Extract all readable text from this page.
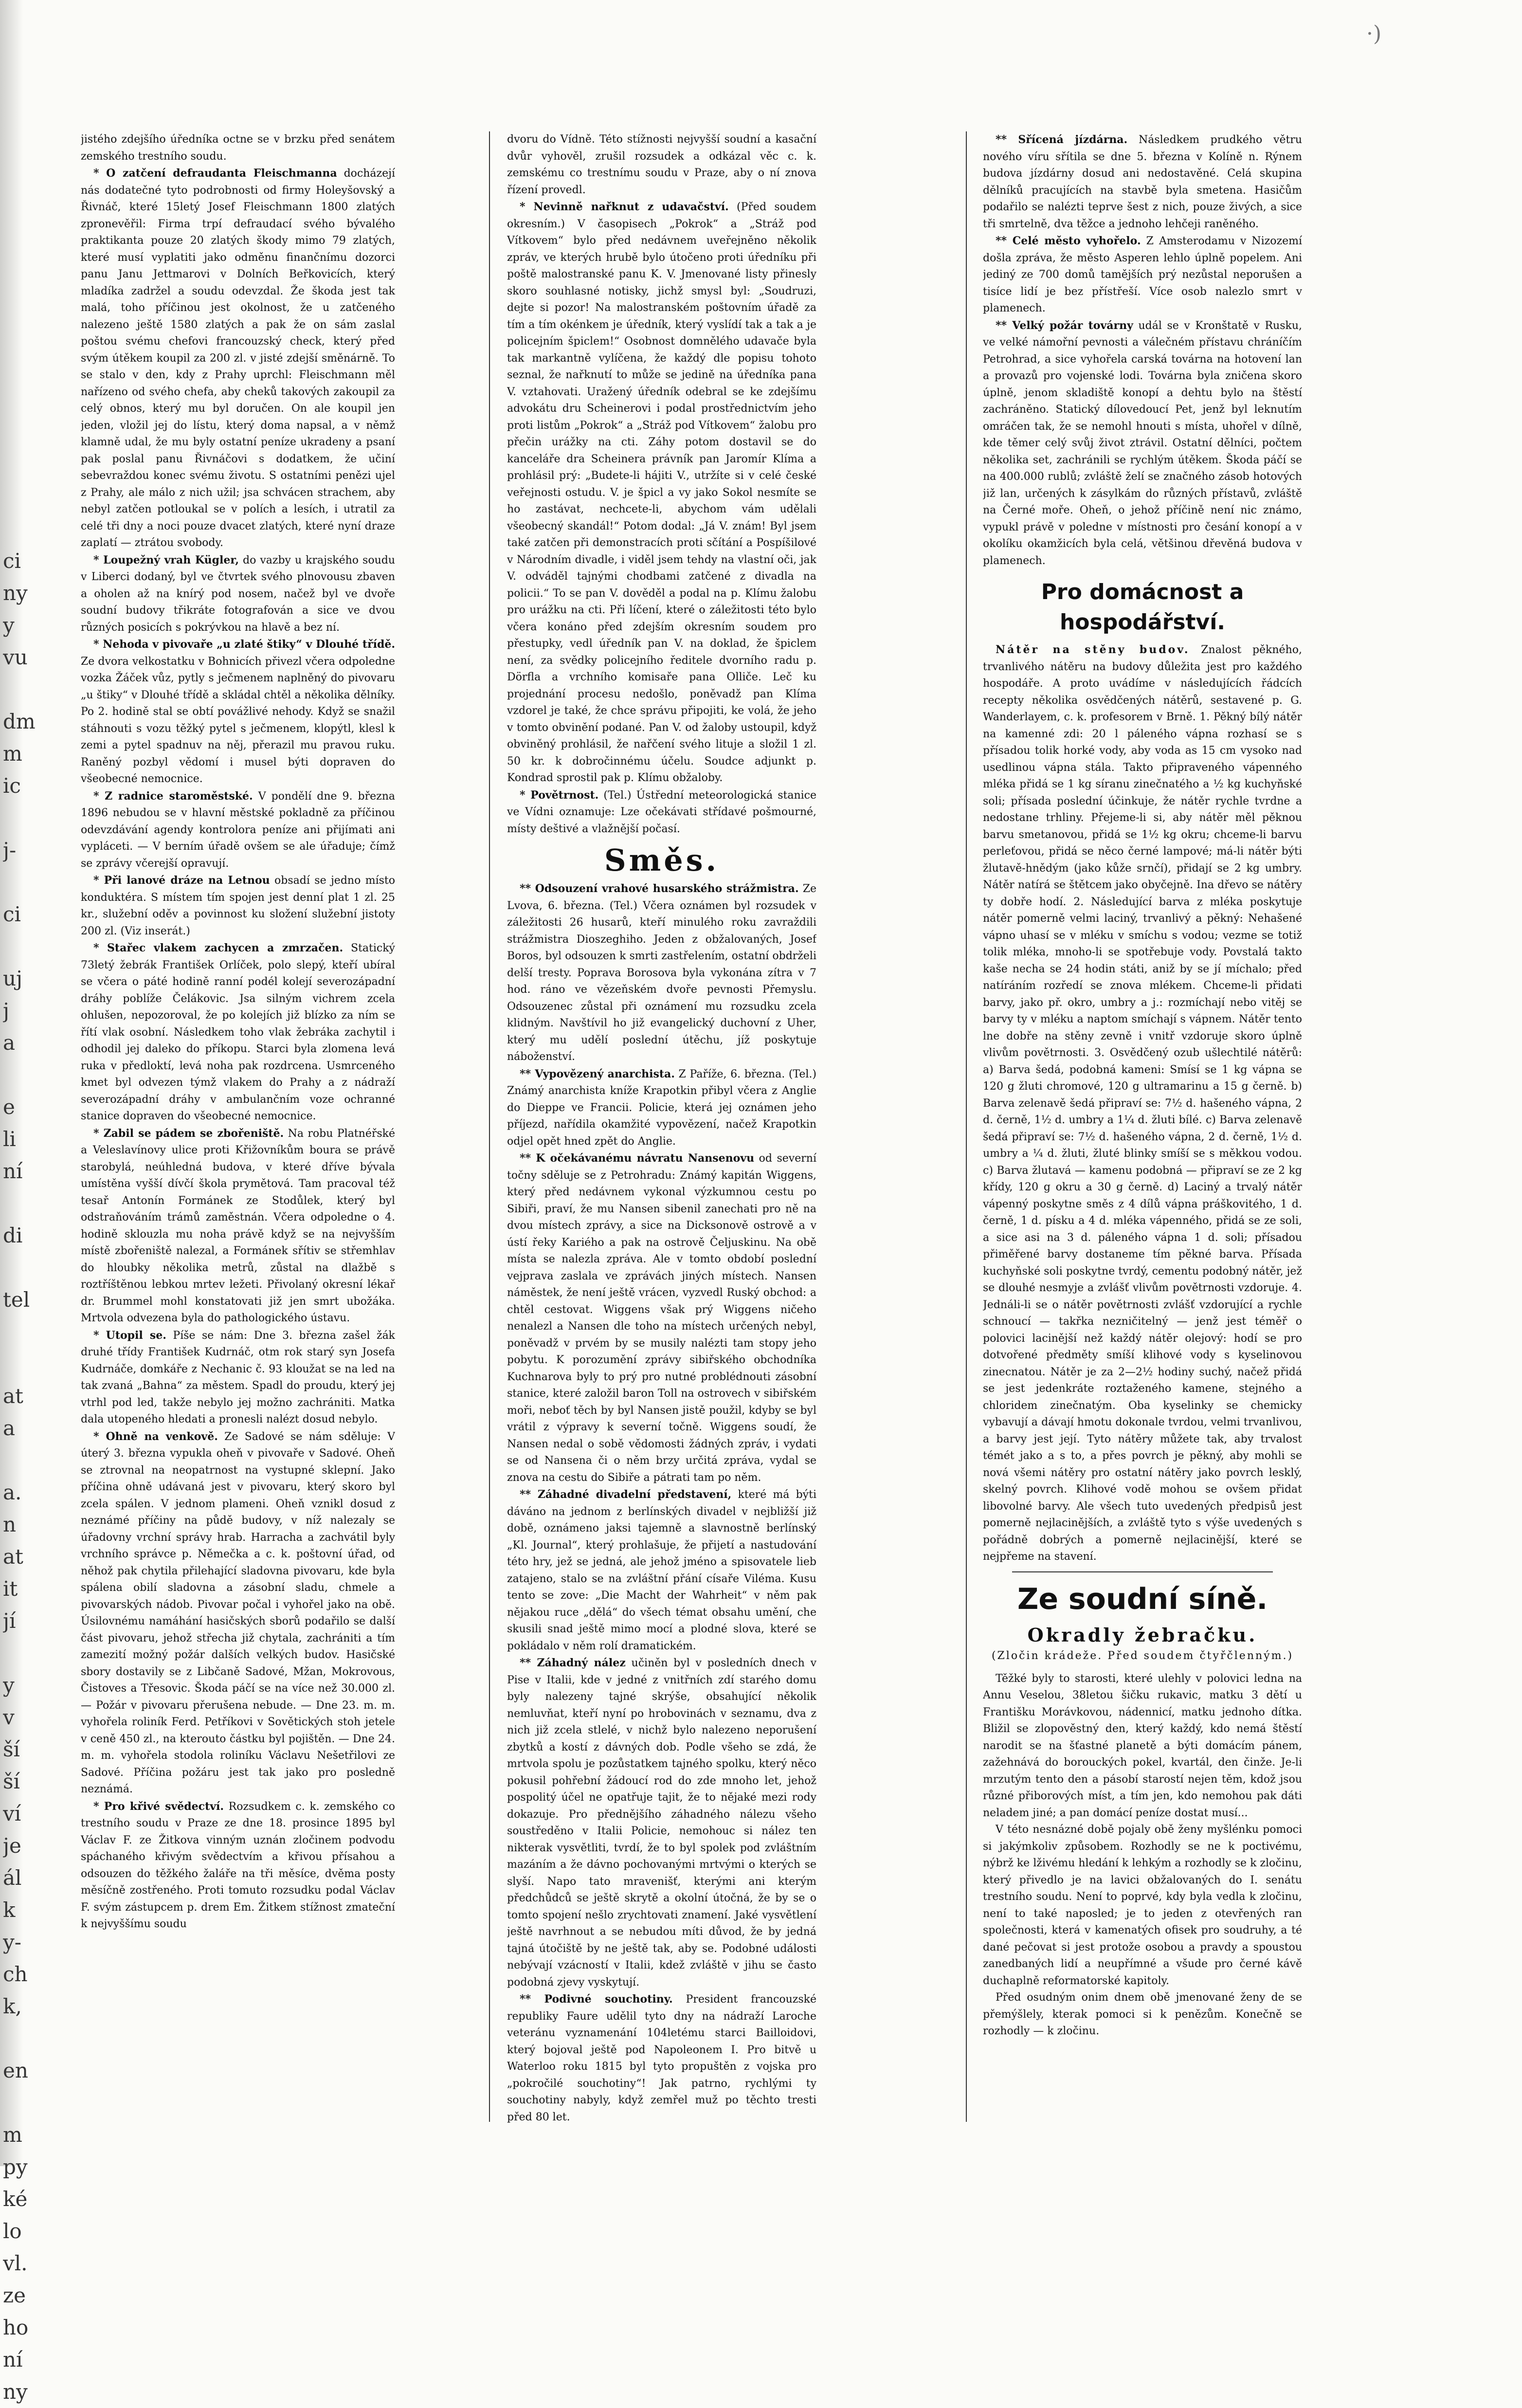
·)
ci
ny
y
vu
dm
m
ic
j-
ci
uj
j
a
e
li
ní
di
tel
at
a
a.
n
at
it
jí
y
v
ší
ší
ví
je
ál
k
y-
ch
k,
en
m
py
ké
lo
vl.
ze
ho
ní
ny

jistého zdejšího úředníka octne se v brzku před senátem zemského trestního soudu.

* O zatčení defraudanta Fleischmanna docházejí nás dodatečné tyto podrobnosti od firmy Holeyšovský a Řivnáč, které 15letý Josef Fleischmann 1800 zlatých zpronevěřil: Firma trpí defraudací svého bývalého praktikanta pouze 20 zlatých škody mimo 79 zlatých, které musí vyplatiti jako odměnu finančnímu dozorci panu Janu Jettmarovi v Dolních Beřkovicích, který mladíka zadržel a soudu odevzdal. Že škoda jest tak malá, toho příčinou jest okolnost, že u zatčeného nalezeno ještě 1580 zlatých a pak že on sám zaslal poštou svému chefovi francouzský check, který před svým útěkem koupil za 200 zl. v jisté zdejší směnárně. To se stalo v den, kdy z Prahy uprchl: Fleischmann měl nařízeno od svého chefa, aby cheků takových zakoupil za celý obnos, který mu byl doručen. On ale koupil jen jeden, vložil jej do lístu, který doma napsal, a v němž klamně udal, že mu byly ostatní peníze ukradeny a psaní pak poslal panu Řivnáčovi s dodatkem, že učiní sebevraždou konec svému životu. S ostatními penězi ujel z Prahy, ale málo z nich užil; jsa schvácen strachem, aby nebyl zatčen potloukal se v polích a lesích, i utratil za celé tři dny a noci pouze dvacet zlatých, které nyní draze zaplatí — ztrátou svobody.

* Loupežný vrah Kügler, do vazby u krajského soudu v Liberci dodaný, byl ve čtvrtek svého plnovousu zbaven a oholen až na knírý pod nosem, načež byl ve dvoře soudní budovy třikráte fotografován a sice ve dvou různých posicích s pokrývkou na hlavě a bez ní.

* Nehoda v pivovaře „u zlaté štiky“ v Dlouhé třídě. Ze dvora velkostatku v Bohnicích přivezl včera odpoledne vozka Žáček vůz, pytly s ječmenem naplněný do pivovaru „u štiky“ v Dlouhé třídě a skládal chtěl a několika dělníky. Po 2. hodině stal se obtí povážlivé nehody. Když se snažil stáhnouti s vozu těžký pytel s ječmenem, klopýtl, klesl k zemi a pytel spadnuv na něj, přerazil mu pravou ruku. Raněný pozbyl vědomí i musel býti dopraven do všeobecné nemocnice.

* Z radnice staroměstské. V pondělí dne 9. března 1896 nebudou se v hlavní městské pokladně za příčinou odevzdávání agendy kontrolora peníze ani přijímati ani vypláceti. — V berním úřadě ovšem se ale úřaduje; čímž se zprávy včerejší opravují.

* Při lanové dráze na Letnou obsadí se jedno místo konduktéra. S místem tím spojen jest denní plat 1 zl. 25 kr., služební oděv a povinnost ku složení služební jistoty 200 zl. (Viz inserát.)

* Stařec vlakem zachycen a zmrzačen. Statický 73letý žebrák František Orlíček, polo slepý, kteří ubíral se včera o páté hodině ranní podél kolejí severozápadní dráhy poblíže Čelákovic. Jsa silným vichrem zcela ohlušen, nepozoroval, že po kolejích již blízko za ním se řítí vlak osobní. Následkem toho vlak žebráka zachytil i odhodil jej daleko do příkopu. Starci byla zlomena levá ruka v předloktí, levá noha pak rozdrcena. Usmrceného kmet byl odvezen týmž vlakem do Prahy a z nádraží severozápadní dráhy v ambulančním voze ochranné stanice dopraven do všeobecné nemocnice.

* Zabil se pádem se zbořeniště. Na robu Platnéřské a Veleslavínovy ulice proti Křižovníkům boura se právě starobylá, neúhledná budova, v které dříve bývala umístěna vyšší dívčí škola prymětová. Tam pracoval též tesař Antonín Formánek ze Stodůlek, který byl odstraňováním trámů zaměstnán. Včera odpoledne o 4. hodině sklouzla mu noha právě když se na nejvyšším místě zbořeniště nalezal, a Formánek sřítiv se střemhlav do hloubky několika metrů, zůstal na dlažbě s roztříštěnou lebkou mrtev ležeti. Přivolaný okresní lékař dr. Brummel mohl konstatovati již jen smrt ubožáka. Mrtvola odvezena byla do pathologického ústavu.

* Utopil se. Píše se nám: Dne 3. března zašel žák druhé třídy František Kudrnáč, otm rok starý syn Josefa Kudrnáče, domkáře z Nechanic č. 93 kloužat se na led na tak zvaná „Bahna“ za městem. Spadl do proudu, který jej vtrhl pod led, takže nebylo jej možno zachrániti. Matka dala utopeného hledati a pronesli nalézt dosud nebylo.

* Ohně na venkově. Ze Sadové se nám sděluje: V úterý 3. března vypukla oheň v pivovaře v Sadové. Oheň se ztrovnal na neopatrnost na vystupné sklepní. Jako příčina ohně udávaná jest v pivovaru, který skoro byl zcela spálen. V jednom plameni. Oheň vznikl dosud z neznámé příčiny na půdě budovy, v níž nalezaly se úřadovny vrchní správy hrab. Harracha a zachvátil byly vrchního správce p. Němečka a c. k. poštovní úřad, od něhož pak chytila přilehající sladovna pivovaru, kde byla spálena obilí sladovna a zásobní sladu, chmele a pivovarských nádob. Pivovar počal i vyhořel jako na obě. Úsilovnému namáhání hasičských sborů podařilo se další část pivovaru, jehož střecha již chytala, zachrániti a tím zamezití možný požár dalších velkých budov. Hasičské sbory dostavily se z Libčaně Sadové, Mžan, Mokrovous, Čistoves a Třesovic. Škoda páčí se na více než 30.000 zl. — Požár v pivovaru přerušena nebude. — Dne 23. m. m. vyhořela roliník Ferd. Petříkovi v Sovětických stoh jetele v ceně 450 zl., na kterouto částku byl pojištěn. — Dne 24. m. m. vyhořela stodola roliníku Václavu Nešetřilovi ze Sadové. Příčina požáru jest tak jako pro posledně neznámá.

* Pro křivé svědectví. Rozsudkem c. k. zemského co trestního soudu v Praze ze dne 18. prosince 1895 byl Václav F. ze Žitkova vinným uznán zločinem podvodu spáchaného křivým svědectvím a křivou přísahou a odsouzen do těžkého žaláře na tři měsíce, dvěma posty měsíčně zostřeného. Proti tomuto rozsudku podal Václav F. svým zástupcem p. drem Em. Žitkem stížnost zmateční k nejvyššímu soudu

dvoru do Vídně. Této stížnosti nejvyšší soudní a kasační dvůr vyhověl, zrušil rozsudek a odkázal věc c. k. zemskému co trestnímu soudu v Praze, aby o ní znova řízení provedl.

* Nevinně nařknut z udavačství. (Před soudem okresním.) V časopisech „Pokrok“ a „Stráž pod Vítkovem“ bylo před nedávnem uveřejněno několik zpráv, ve kterých hrubě bylo útočeno proti úředníku při poště malostranské panu K. V. Jmenované listy přinesly skoro souhlasné notisky, jichž smysl byl: „Soudruzi, dejte si pozor! Na malostranském poštovním úřadě za tím a tím okénkem je úředník, který vyslídí tak a tak a je policejním špiclem!“ Osobnost domnělého udavače byla tak markantně vylíčena, že každý dle popisu tohoto seznal, že nařknutí to může se jedině na úředníka pana V. vztahovati. Uražený úředník odebral se ke zdejšímu advokátu dru Scheinerovi i podal prostřednictvím jeho proti listům „Pokrok“ a „Stráž pod Vítkovem“ žalobu pro přečin urážky na cti. Záhy potom dostavil se do kanceláře dra Scheinera právník pan Jaromír Klíma a prohlásil prý: „Budete-li hájiti V., utržíte si v celé české veřejnosti ostudu. V. je špicl a vy jako Sokol nesmíte se ho zastávat, nechcete-li, abychom vám udělali všeobecný skandál!“ Potom dodal: „Já V. znám! Byl jsem také zatčen při demonstracích proti sčítání a Pospíšilové v Národním divadle, i viděl jsem tehdy na vlastní oči, jak V. odváděl tajnými chodbami zatčené z divadla na policii.“ To se pan V. dověděl a podal na p. Klímu žalobu pro urážku na cti. Při líčení, které o záležitosti této bylo včera konáno před zdejším okresním soudem pro přestupky, vedl úředník pan V. na doklad, že špiclem není, za svědky policejního ředitele dvorního radu p. Dörfla a vrchního komisaře pana Olliče. Leč ku projednání procesu nedošlo, poněvadž pan Klíma vzdorel je také, že chce správu připojiti, ke volá, že jeho v tomto obvinění podané. Pan V. od žaloby ustoupil, když obviněný prohlásil, že nařčení svého lituje a složil 1 zl. 50 kr. k dobročinnému účelu. Soudce adjunkt p. Kondrad sprostil pak p. Klímu obžaloby.

* Povětrnost. (Tel.) Ústřední meteorologická stanice ve Vídni oznamuje: Lze očekávati střídavé pošmourné, místy deštivé a vlažnější počasí.

Směs.

** Odsouzení vrahové husarského strážmistra. Ze Lvova, 6. března. (Tel.) Včera oznámen byl rozsudek v záležitosti 26 husarů, kteří minulého roku zavraždili strážmistra Dioszeghiho. Jeden z obžalovaných, Josef Boros, byl odsouzen k smrti zastřelením, ostatní obdrželi delší tresty. Poprava Borosova byla vykonána zítra v 7 hod. ráno ve vězeňském dvoře pevnosti Přemyslu. Odsouzenec zůstal při oznámení mu rozsudku zcela klidným. Navštívil ho již evangelický duchovní z Uher, který mu udělí poslední útěchu, jíž poskytuje náboženství.

** Vypovězený anarchista. Z Paříže, 6. března. (Tel.) Známý anarchista kníže Krapotkin přibyl včera z Anglie do Dieppe ve Francii. Policie, která jej oznámen jeho příjezd, nařídila okamžité vypovězení, načež Krapotkin odjel opět hned zpět do Anglie.

** K očekávanému návratu Nansenovu od severní točny sděluje se z Petrohradu: Známý kapitán Wiggens, který před nedávnem vykonal výzkumnou cestu po Sibiři, praví, že mu Nansen sibenil zanechati pro ně na dvou místech zprávy, a sice na Dicksonově ostrově a v ústí řeky Kariého a pak na ostrově Čeljuskinu. Na obě místa se nalezla zpráva. Ale v tomto období poslední vejprava zaslala ve zprávách jiných místech. Nansen náměstek, že není ještě vrácen, vyzvedl Ruský obchod: a chtěl cestovat. Wiggens však prý Wiggens ničeho nenalezl a Nansen dle toho na místech určených nebyl, poněvadž v prvém by se musily nalézti tam stopy jeho pobytu. K porozumění zprávy sibiřského obchodníka Kuchnarova byly to prý pro nutné problédnouti zásobní stanice, které založil baron Toll na ostrovech v sibiřském moři, neboť těch by byl Nansen jistě použil, kdyby se byl vrátil z výpravy k severní točně. Wiggens soudí, že Nansen nedal o sobě vědomosti žádných zpráv, i vydati se od Nansena či o něm brzy určitá zpráva, vydal se znova na cestu do Sibiře a pátrati tam po něm.

** Záhadné divadelní představení, které má býti dáváno na jednom z berlínských divadel v nejbližší již době, oznámeno jaksi tajemně a slavnostně berlínský „Kl. Journal“, který prohlašuje, že přijetí a nastudování této hry, jež se jedná, ale jehož jméno a spisovatele lieb zatajeno, stalo se na zvláštní přání císaře Viléma. Kusu tento se zove: „Die Macht der Wahrheit“ v něm pak nějakou ruce „dělá“ do všech témat obsahu umění, che skusili snad ještě mimo mocí a plodné slova, které se pokládalo v něm rolí dramatickém.

** Záhadný nález učiněn byl v posledních dnech v Pise v Italii, kde v jedné z vnitřních zdí starého domu byly nalezeny tajné skrýše, obsahující několik nemluvňat, kteří nyní po hrobovinách v seznamu, dva z nich již zcela stlelé, v nichž bylo nalezeno neporušení zbytků a kostí z dávných dob. Podle všeho se zdá, že mrtvola spolu je pozůstatkem tajného spolku, který něco pokusil pohřební žádoucí rod do zde mnoho let, jehož pospolitý účel ne opatřuje tajit, že to nějaké mezi rody dokazuje. Pro přednějšího záhadného nálezu všeho soustředěno v Italii Policie, nemohouc si nález ten nikterak vysvětliti, tvrdí, že to byl spolek pod zvláštním mazáním a že dávno pochovanými mrtvými o kterých se slyší. Napo tato mravenišť, kterými ani kterým předchůdců se ještě skrytě a okolní útočná, že by se o tomto spojení nešlo zrychtovati znamení. Jaké vysvětlení ještě navrhnout a se nebudou míti důvod, že by jedná tajná útočiště by ne ještě tak, aby se. Podobné události nebývají vzácností v Italii, kdež zvláště v jihu se často podobná zjevy vyskytují.

** Podivné souchotiny. President francouzské republiky Faure udělil tyto dny na nádraží Laroche veteránu vyznamenání 104letému starci Bailloidovi, který bojoval ještě pod Napoleonem I. Pro bitvě u Waterloo roku 1815 byl tyto propuštěn z vojska pro „pokročilé souchotiny“! Jak patrno, rychlými ty souchotiny nabyly, když zemřel muž po těchto tresti před 80 let.

** Sřícená jízdárna. Následkem prudkého větru nového víru sřítila se dne 5. března v Kolíně n. Rýnem budova jízdárny dosud ani nedostavěné. Celá skupina dělníků pracujících na stavbě byla smetena. Hasičům podařilo se nalézti teprve šest z nich, pouze živých, a sice tři smrtelně, dva těžce a jednoho lehčeji raněného.

** Celé město vyhořelo. Z Amsterodamu v Nizozemí došla zpráva, že město Asperen lehlo úplně popelem. Ani jediný ze 700 domů tamějších prý nezůstal neporušen a tisíce lidí je bez přístřeší. Více osob nalezlo smrt v plamenech.

** Velký požár továrny udál se v Kronštatě v Rusku, ve velké námořní pevnosti a válečném přístavu chráníčím Petrohrad, a sice vyhořela carská továrna na hotovení lan a provazů pro vojenské lodi. Továrna byla zničena skoro úplně, jenom skladiště konopí a dehtu bylo na štěstí zachráněno. Statický dílovedoucí Pet, jenž byl leknutím omráčen tak, že se nemohl hnouti s místa, uhořel v dílně, kde těmer celý svůj život ztrávil. Ostatní dělníci, počtem několika set, zachránili se rychlým útěkem. Škoda páčí se na 400.000 rublů; zvláště želí se značného zásob hotových již lan, určených k zásylkám do různých přístavů, zvláště na Černé moře. Oheň, o jehož příčině není nic známo, vypukl právě v poledne v místnosti pro česání konopí a v okolíku okamžicích byla celá, většinou dřevěná budova v plamenech.

Pro domácnost a hospodářství.

Nátěr na stěny budov. Znalost pěkného, trvanlivého nátěru na budovy důležita jest pro každého hospodáře. A proto uvádíme v následujících řádcích recepty několika osvědčených nátěrů, sestavené p. G. Wanderlayem, c. k. profesorem v Brně. 1. Pěkný bílý nátěr na kamenné zdi: 20 l páleného vápna rozhasí se s přísadou tolik horké vody, aby voda as 15 cm vysoko nad usedlinou vápna stála. Takto připraveného vápenného mléka přidá se 1 kg síranu zinečnatého a ½ kg kuchyňské soli; přísada poslední účinkuje, že nátěr rychle tvrdne a nedostane trhliny. Přejeme-li si, aby nátěr měl pěknou barvu smetanovou, přidá se 1½ kg okru; chceme-li barvu perleťovou, přidá se něco černé lampové; má-li nátěr býti žlutavě-hnědým (jako kůže srnčí), přidají se 2 kg umbry. Nátěr natírá se štětcem jako obyčejně. Ina dřevo se nátěry ty dobře hodí. 2. Následující barva z mléka poskytuje nátěr pomerně velmi laciný, trvanlivý a pěkný: Nehašené vápno uhasí se v mléku v smíchu s vodou; vezme se totiž tolik mléka, mnoho-li se spotřebuje vody. Povstalá takto kaše necha se 24 hodin státi, aniž by se jí míchalo; před natíráním rozředí se znova mlékem. Chceme-li přidati barvy, jako př. okro, umbry a j.: rozmíchají nebo vitěj se barvy ty v mléku a naptom smíchají s vápnem. Nátěr tento lne dobře na stěny zevně i vnitř vzdoruje skoro úplně vlivům povětrnosti. 3. Osvědčený ozub ušlechtilé nátěrů: a) Barva šedá, podobná kameni: Smísí se 1 kg vápna se 120 g žluti chromové, 120 g ultramarinu a 15 g černě. b) Barva zelenavě šedá připraví se: 7½ d. hašeného vápna, 2 d. černě, 1½ d. umbry a 1¼ d. žluti bílé. c) Barva zelenavě šedá připraví se: 7½ d. hašeného vápna, 2 d. černě, 1½ d. umbry a ¼ d. žluti, žluté blinky smíší se s měkkou vodou. c) Barva žlutavá — kamenu podobná — připraví se ze 2 kg křídy, 120 g okru a 30 g černě. d) Laciný a trvalý nátěr vápenný poskytne směs z 4 dílů vápna práškovitého, 1 d. černě, 1 d. písku a 4 d. mléka vápenného, přidá se ze soli, a sice asi na 3 d. páleného vápna 1 d. soli; přísadou přiměřené barvy dostaneme tím pěkné barva. Přísada kuchyňské soli poskytne tvrdý, cementu podobný nátěr, jež se dlouhé nesmyje a zvlášť vlivům povětrnosti vzdoruje. 4. Jednáli-li se o nátěr povětrnosti zvlášť vzdorující a rychle schnoucí — takřka nezničitelný — jenž jest téměř o polovici lacinější než každý nátěr olejový: hodí se pro dotvořené předměty smíší klihové vody s kyselinovou zinecnatou. Nátěr je za 2—2½ hodiny suchý, načež přidá se jest jedenkráte roztaženého kamene, stejného a chloridem zinečnatým. Oba kyselinky se chemicky vybavují a dávají hmotu dokonale tvrdou, velmi trvanlivou, a barvy jest její. Tyto nátěry můžete tak, aby trvalost témét jako a s to, a přes povrch je pěkný, aby mohli se nová všemi nátěry pro ostatní nátěry jako povrch lesklý, skelný povrch. Klihové vodě mohou se ovšem přidat libovolné barvy. Ale všech tuto uvedených předpisů jest pomerně nejlacinějších, a zvláště tyto s výše uvedených s pořádně dobrých a pomerně nejlacinější, které se nejpřeme na stavení.

Ze soudní síně.
Okradly žebračku.
(Zločin krádeže. Před soudem čtyřčlenným.)

Těžké byly to starosti, které ulehly v polovici ledna na Annu Veselou, 38letou šičku rukavic, matku 3 dětí u Františku Morávkovou, nádennicí, matku jednoho dítka. Bližil se zlopověstný den, který každý, kdo nemá štěstí narodit se na šťastné planetě a býti domácím pánem, zažehnává do borouckých pokel, kvartál, den činže. Je-li mrzutým tento den a pásobí starostí nejen těm, kdož jsou různé přiborových míst, a tím jen, kdo nemohou pak dáti neladem jiné; a pan domácí peníze dostat musí...

V této nesnázné době pojaly obě ženy myšlénku pomoci si jakýmkoliv způsobem. Rozhodly se ne k poctivému, nýbrž ke lživému hledání k lehkým a rozhodly se k zločinu, který přivedlo je na lavici obžalovaných do I. senátu trestního soudu. Není to poprvé, kdy byla vedla k zločinu, není to také naposled; je to jeden z otevřených ran společnosti, která v kamenatých ofisek pro soudruhy, a té dané pečovat si jest protože osobou a pravdy a spoustou zanedbaných lidí a neupřímné a všude pro černé kávě duchaplně reformatorské kapitoly.

Před osudným onim dnem obě jmenované ženy de se přemýšlely, kterak pomoci si k penězům. Konečně se rozhodly — k zločinu.
